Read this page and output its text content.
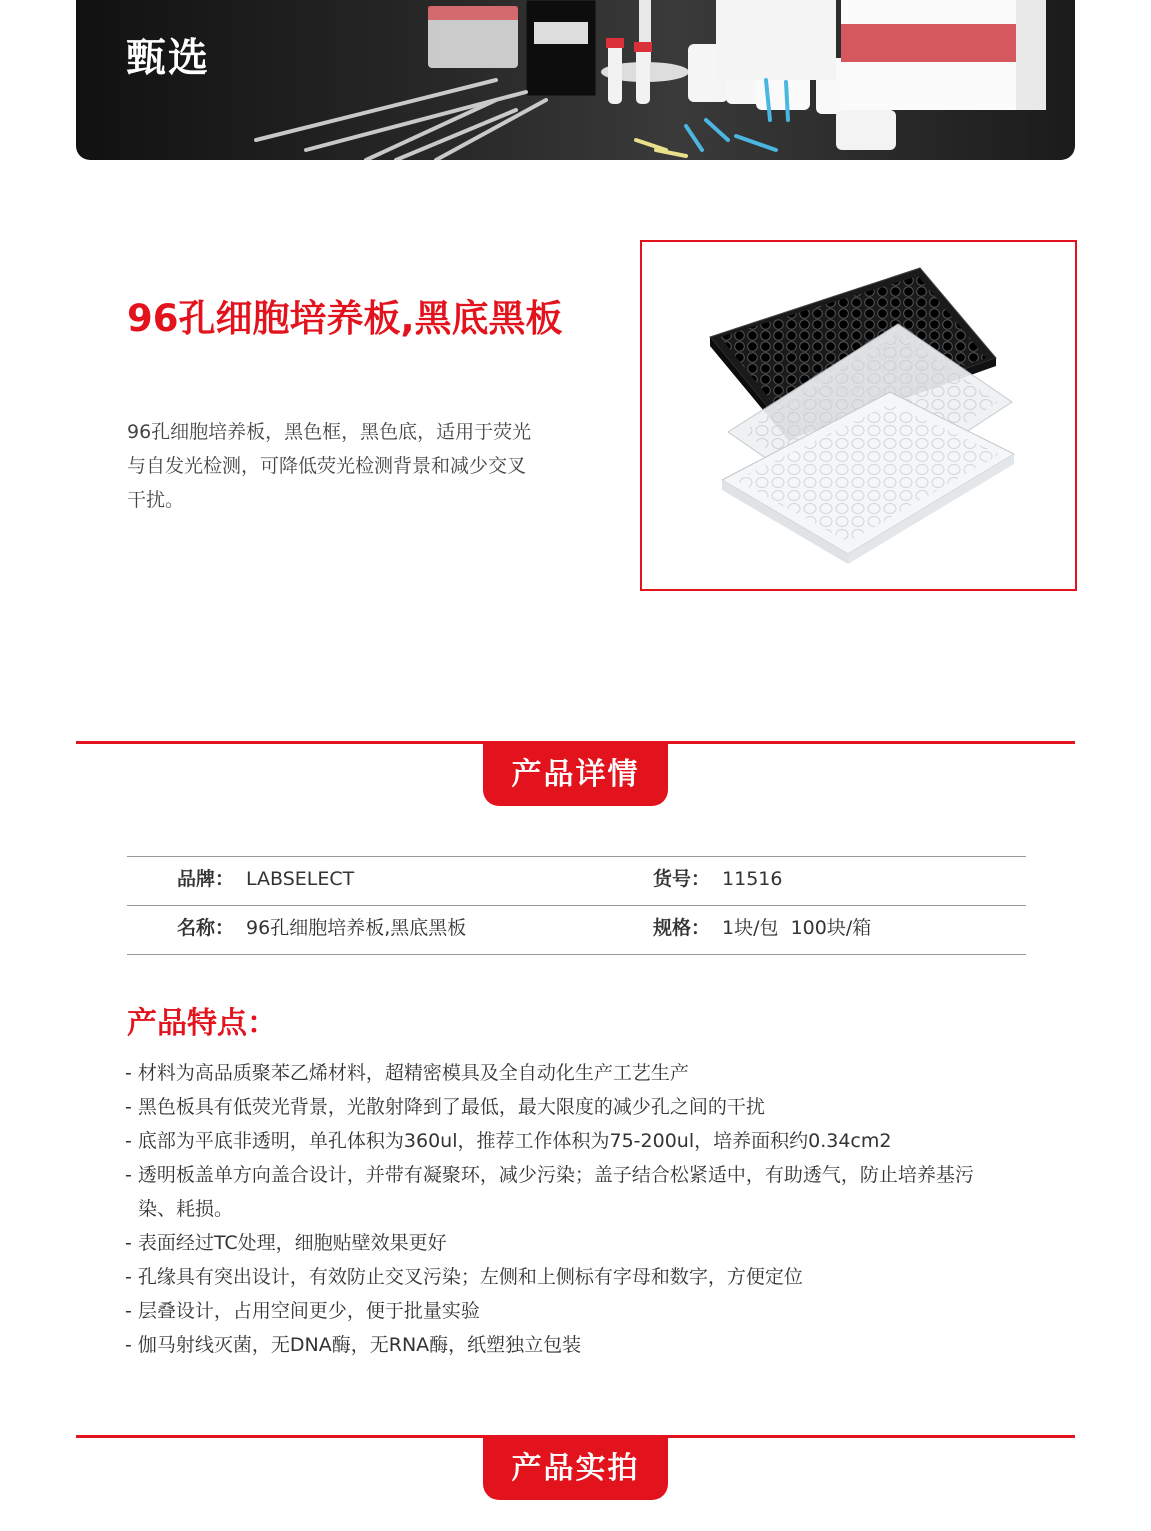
甄选
96孔细胞培养板,黑底黑板

96孔细胞培养板，黑色框，黑色底，适用于荧光与自发光检测，可降低荧光检测背景和减少交叉干扰。

产品详情
品牌： LABSELECT	货号： 11516
名称： 96孔细胞培养板,黑底黑板	规格： 1块/包  100块/箱
产品特点：
- 材料为高品质聚苯乙烯材料，超精密模具及全自动化生产工艺生产
- 黑色板具有低荧光背景，光散射降到了最低，最大限度的减少孔之间的干扰
- 底部为平底非透明，单孔体积为360ul，推荐工作体积为75-200ul，培养面积约0.34cm2
- 透明板盖单方向盖合设计，并带有凝聚环，减少污染；盖子结合松紧适中，有助透气，防止培养基污染、耗损。
- 表面经过TC处理，细胞贴壁效果更好
- 孔缘具有突出设计，有效防止交叉污染；左侧和上侧标有字母和数字，方便定位
- 层叠设计，占用空间更少，便于批量实验
- 伽马射线灭菌，无DNA酶，无RNA酶，纸塑独立包装
产品实拍
